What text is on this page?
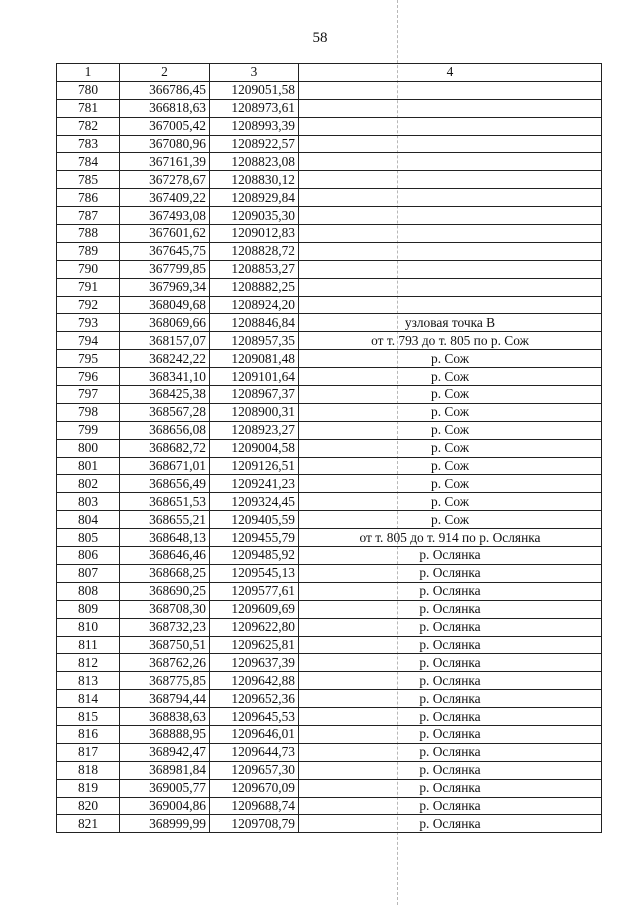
58
1	2	3	4
780	366786,45	1209051,58	
781	366818,63	1208973,61	
782	367005,42	1208993,39	
783	367080,96	1208922,57	
784	367161,39	1208823,08	
785	367278,67	1208830,12	
786	367409,22	1208929,84	
787	367493,08	1209035,30	
788	367601,62	1209012,83	
789	367645,75	1208828,72	
790	367799,85	1208853,27	
791	367969,34	1208882,25	
792	368049,68	1208924,20	
793	368069,66	1208846,84	узловая точка В
794	368157,07	1208957,35	от т. 793 до т. 805 по р. Сож
795	368242,22	1209081,48	р. Сож
796	368341,10	1209101,64	р. Сож
797	368425,38	1208967,37	р. Сож
798	368567,28	1208900,31	р. Сож
799	368656,08	1208923,27	р. Сож
800	368682,72	1209004,58	р. Сож
801	368671,01	1209126,51	р. Сож
802	368656,49	1209241,23	р. Сож
803	368651,53	1209324,45	р. Сож
804	368655,21	1209405,59	р. Сож
805	368648,13	1209455,79	от т. 805 до т. 914 по р. Ослянка
806	368646,46	1209485,92	р. Ослянка
807	368668,25	1209545,13	р. Ослянка
808	368690,25	1209577,61	р. Ослянка
809	368708,30	1209609,69	р. Ослянка
810	368732,23	1209622,80	р. Ослянка
811	368750,51	1209625,81	р. Ослянка
812	368762,26	1209637,39	р. Ослянка
813	368775,85	1209642,88	р. Ослянка
814	368794,44	1209652,36	р. Ослянка
815	368838,63	1209645,53	р. Ослянка
816	368888,95	1209646,01	р. Ослянка
817	368942,47	1209644,73	р. Ослянка
818	368981,84	1209657,30	р. Ослянка
819	369005,77	1209670,09	р. Ослянка
820	369004,86	1209688,74	р. Ослянка
821	368999,99	1209708,79	р. Ослянка
